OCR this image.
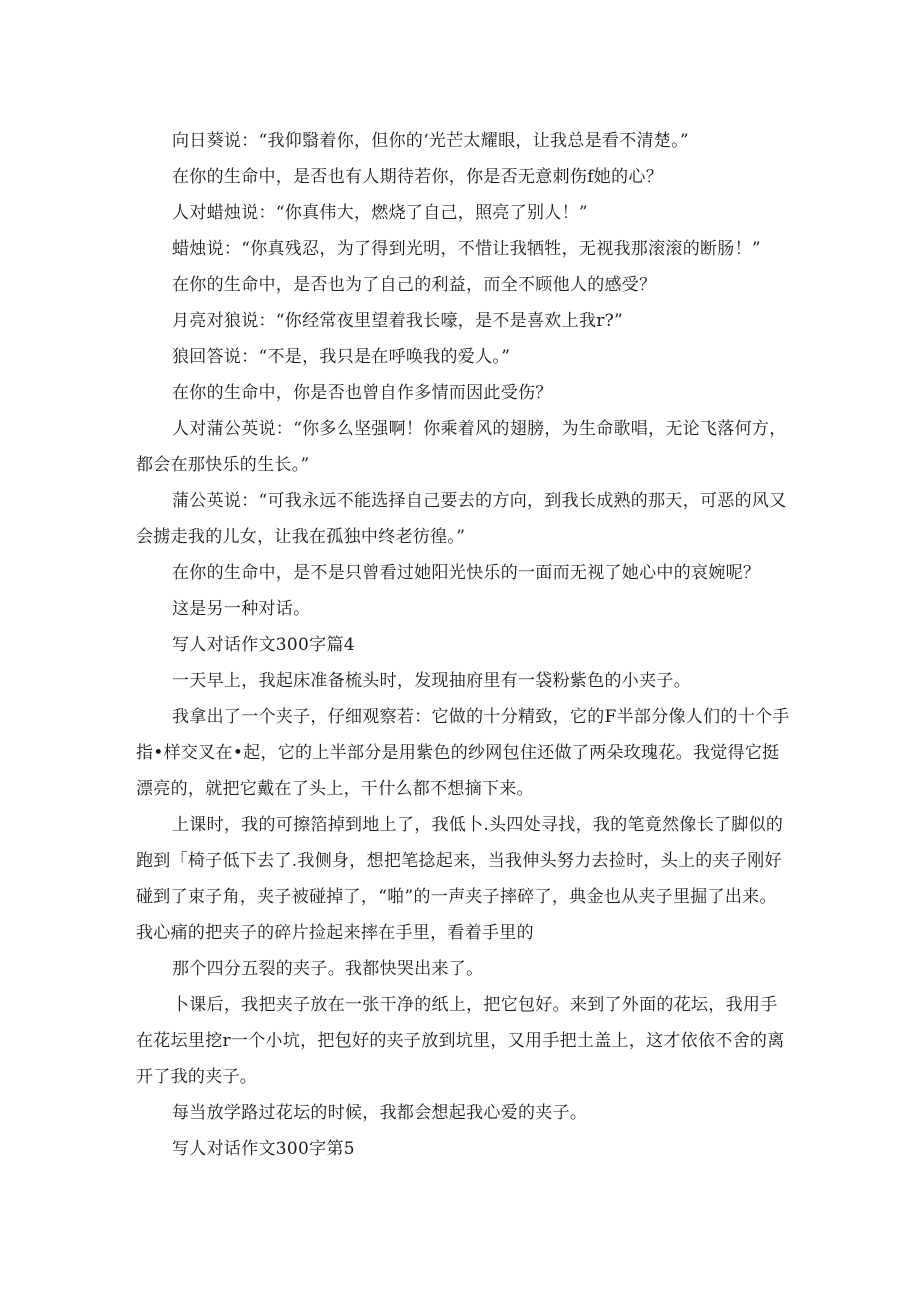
向日葵说：“我仰翳着你，但你的‘光芒太耀眼，让我总是看不清楚。”

在你的生命中，是否也有人期待若你，你是否无意刺伤f她的心？

人对蜡烛说：“你真伟大，燃烧了自己，照亮了别人！”

蜡烛说：“你真残忍，为了得到光明，不惜让我牺牲，无视我那滚滚的断肠！”

在你的生命中，是否也为了自己的利益，而全不顾他人的感受？

月亮对狼说：“你经常夜里望着我长嚎，是不是喜欢上我r?”

狼回答说：“不是，我只是在呼唤我的爱人。”

在你的生命中，你是否也曾自作多情而因此受伤？

人对蒲公英说：“你多么坚强啊！你乘着风的翅膀，为生命歌唱，无论飞落何方，都会在那快乐的生长。”

蒲公英说：“可我永远不能选择自己要去的方向，到我长成熟的那天，可恶的风又会掳走我的儿女，让我在孤独中终老彷徨。”

在你的生命中，是不是只曾看过她阳光快乐的一面而无视了她心中的哀婉呢？

这是另一种对话。

写人对话作文300字篇4

一天早上，我起床准备梳头时，发现抽府里有一袋粉紫色的小夹子。

我拿出了一个夹子，仔细观察若：它做的十分精致，它的F半部分像人们的十个手指•样交叉在•起，它的上半部分是用紫色的纱网包住还做了两朵玫瑰花。我觉得它挺漂亮的，就把它戴在了头上，干什么都不想摘下来。

上课时，我的可擦箔掉到地上了，我低卜.头四处寻找，我的笔竟然像长了脚似的跑到「椅子低下去了.我侧身，想把笔捻起来，当我伸头努力去捡时，头上的夹子刚好碰到了束子角，夹子被碰掉了，“啪”的一声夹子摔碎了，典金也从夹子里掘了出来。我心痛的把夹子的碎片捡起来摔在手里，看着手里的

那个四分五裂的夹子。我都快哭出来了。

卜课后，我把夹子放在一张干净的纸上，把它包好。来到了外面的花坛，我用手在花坛里挖r一个小坑，把包好的夹子放到坑里，又用手把土盖上，这才依依不舍的离开了我的夹子。

每当放学路过花坛的时候，我都会想起我心爱的夹子。

写人对话作文300字第5
